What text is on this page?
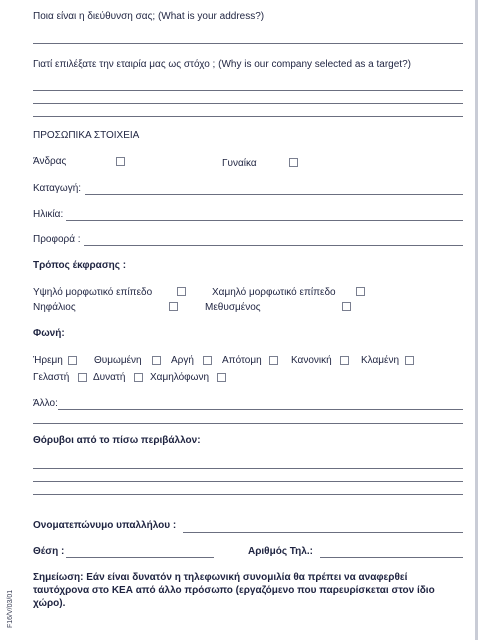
Ποια είναι η διεύθυνση σας; (What is your address?)
Γιατί επιλέξατε την εταιρία μας ως στόχο ; (Why is our company selected as a target?)
ΠΡΟΣΩΠΙΚΑ ΣΤΟΙΧΕΙΑ
Άνδρας	Γυναίκα
Καταγωγή:
Ηλικία:
Προφορά :
Τρόπος έκφρασης :
Υψηλό μορφωτικό επίπεδο	Χαμηλό μορφωτικό επίπεδο
Νηφάλιος	Μεθυσμένος
Φωνή:
Ήρεμη	Θυμωμένη	Αργή	Απότομη	Κανονική	Κλαμένη
Γελαστή Δυνατή Χαμηλόφωνη
Άλλο:
Θόρυβοι από το πίσω περιβάλλον:
Ονοματεπώνυμο υπαλλήλου :
Θέση :	Αριθμός Τηλ.:
Σημείωση: Εάν είναι δυνατόν η τηλεφωνική συνομιλία θα πρέπει να αναφερθεί ταυτόχρονα στο ΚΕΑ από άλλο πρόσωπο (εργαζόμενο που παρευρίσκεται στον ίδιο χώρο).
F16/V/03/01
